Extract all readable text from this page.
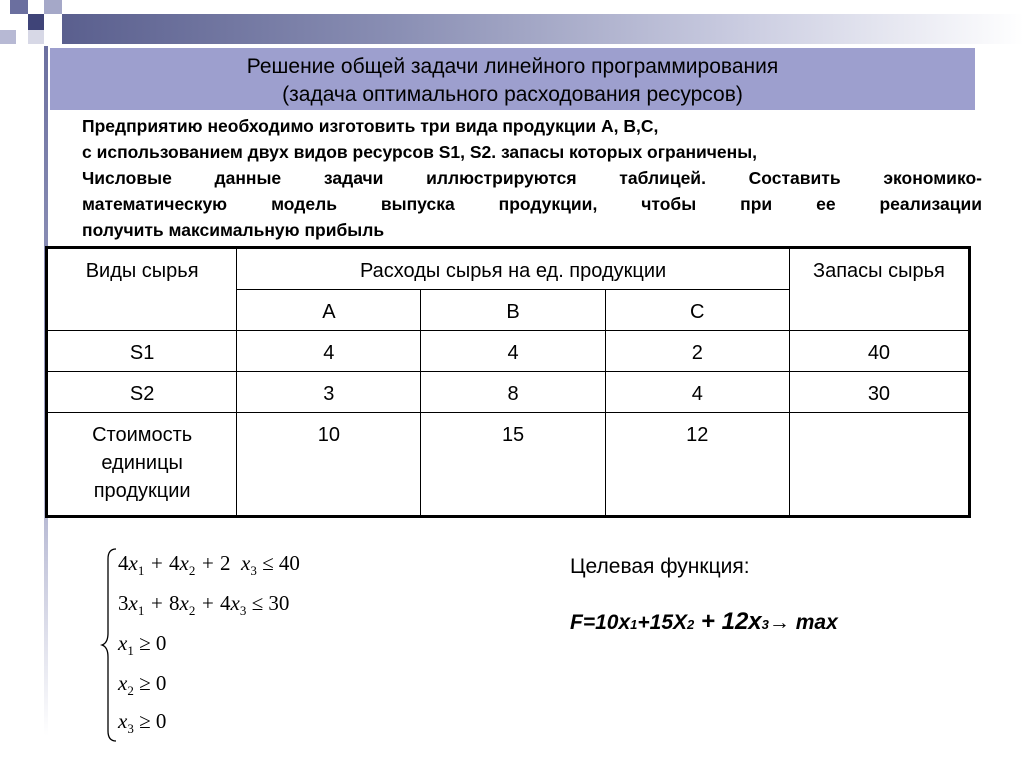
Решение общей задачи линейного программирования
(задача оптимального расходования ресурсов)
Предприятию необходимо изготовить три вида продукции А, В,С,
с использованием двух видов ресурсов S1, S2. запасы которых ограничены,
Числовые данные задачи иллюстрируются таблицей. Составить экономико-
математическую модель выпуска продукции, чтобы при ее реализации
получить максимальную прибыль
Виды сырья	Расходы сырья на ед. продукции			Запасы сырья
	А	В	С	
S1	4	4	2	40
S2	3	8	4	30
Стоимость единицы продукции	10	15	12	
$4x_1 + 4x_2 + 2$  $x_3 \le 40$
$3x_1 + 8x_2 + 4x_3 \le 30$
$x_1 \ge 0$
$x_2 \ge 0$
$x_3 \ge 0$
Целевая функция:
F=10x1+15X2 + 12x3→ max
